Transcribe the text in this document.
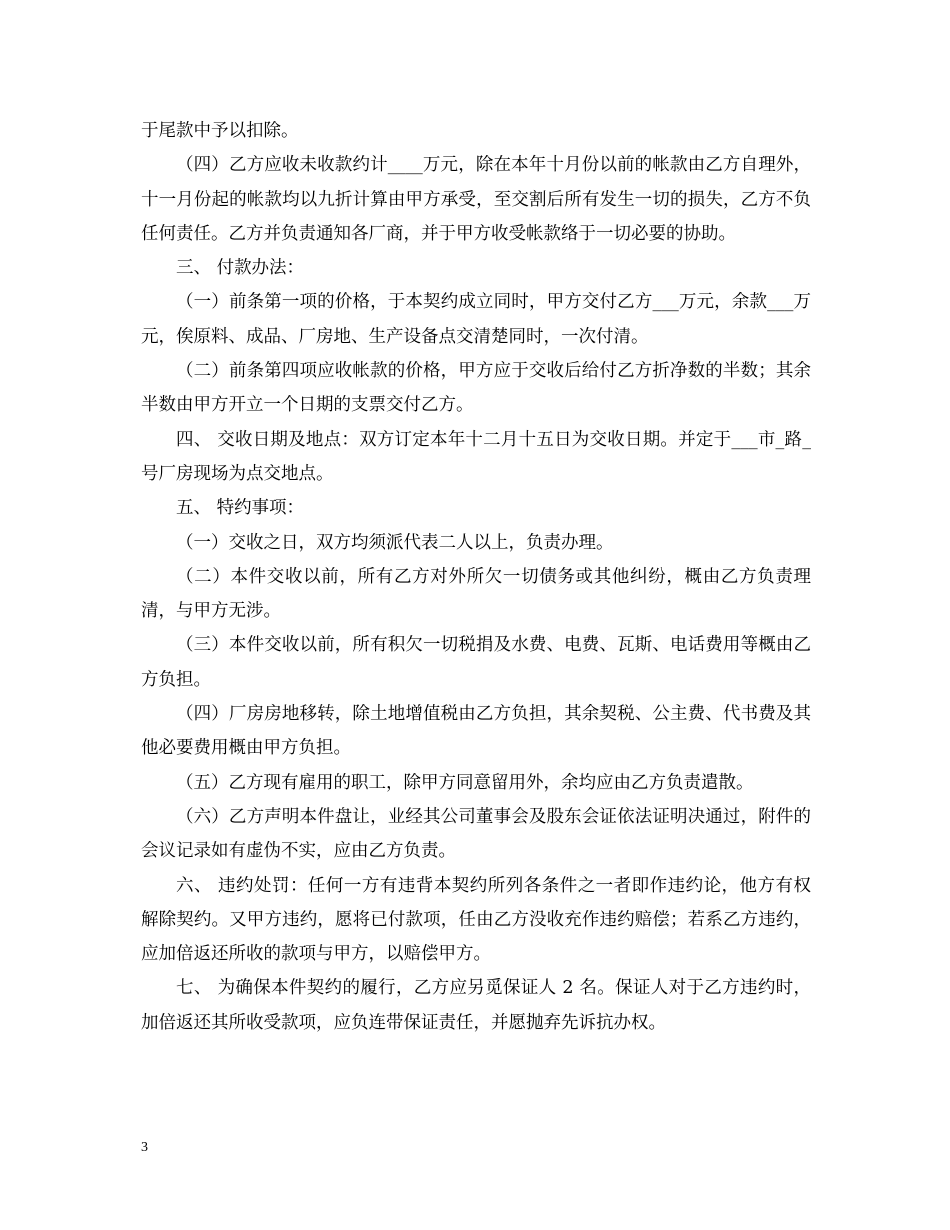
于尾款中予以扣除。

（四）乙方应收未收款约计____万元，除在本年十月份以前的帐款由乙方自理外，十一月份起的帐款均以九折计算由甲方承受，至交割后所有发生一切的损失，乙方不负任何责任。乙方并负责通知各厂商，并于甲方收受帐款络于一切必要的协助。

三、 付款办法：

（一）前条第一项的价格，于本契约成立同时，甲方交付乙方___万元，余款___万元，俟原料、成品、厂房地、生产设备点交清楚同时，一次付清。

（二）前条第四项应收帐款的价格，甲方应于交收后给付乙方折净数的半数；其余半数由甲方开立一个日期的支票交付乙方。

四、 交收日期及地点：双方订定本年十二月十五日为交收日期。并定于___市_路_号厂房现场为点交地点。

五、 特约事项：

（一）交收之日，双方均须派代表二人以上，负责办理。

（二）本件交收以前，所有乙方对外所欠一切债务或其他纠纷，概由乙方负责理清，与甲方无涉。

（三）本件交收以前，所有积欠一切税捐及水费、电费、瓦斯、电话费用等概由乙方负担。

（四）厂房房地移转，除土地增值税由乙方负担，其余契税、公主费、代书费及其他必要费用概由甲方负担。

（五）乙方现有雇用的职工，除甲方同意留用外，余均应由乙方负责遣散。

（六）乙方声明本件盘让，业经其公司董事会及股东会证依法证明决通过，附件的会议记录如有虚伪不实，应由乙方负责。

六、 违约处罚：任何一方有违背本契约所列各条件之一者即作违约论，他方有权解除契约。又甲方违约，愿将已付款项，任由乙方没收充作违约赔偿；若系乙方违约，应加倍返还所收的款项与甲方，以赔偿甲方。

七、 为确保本件契约的履行，乙方应另觅保证人 2 名。保证人对于乙方违约时，加倍返还其所收受款项，应负连带保证责任，并愿抛弃先诉抗办权。

3
